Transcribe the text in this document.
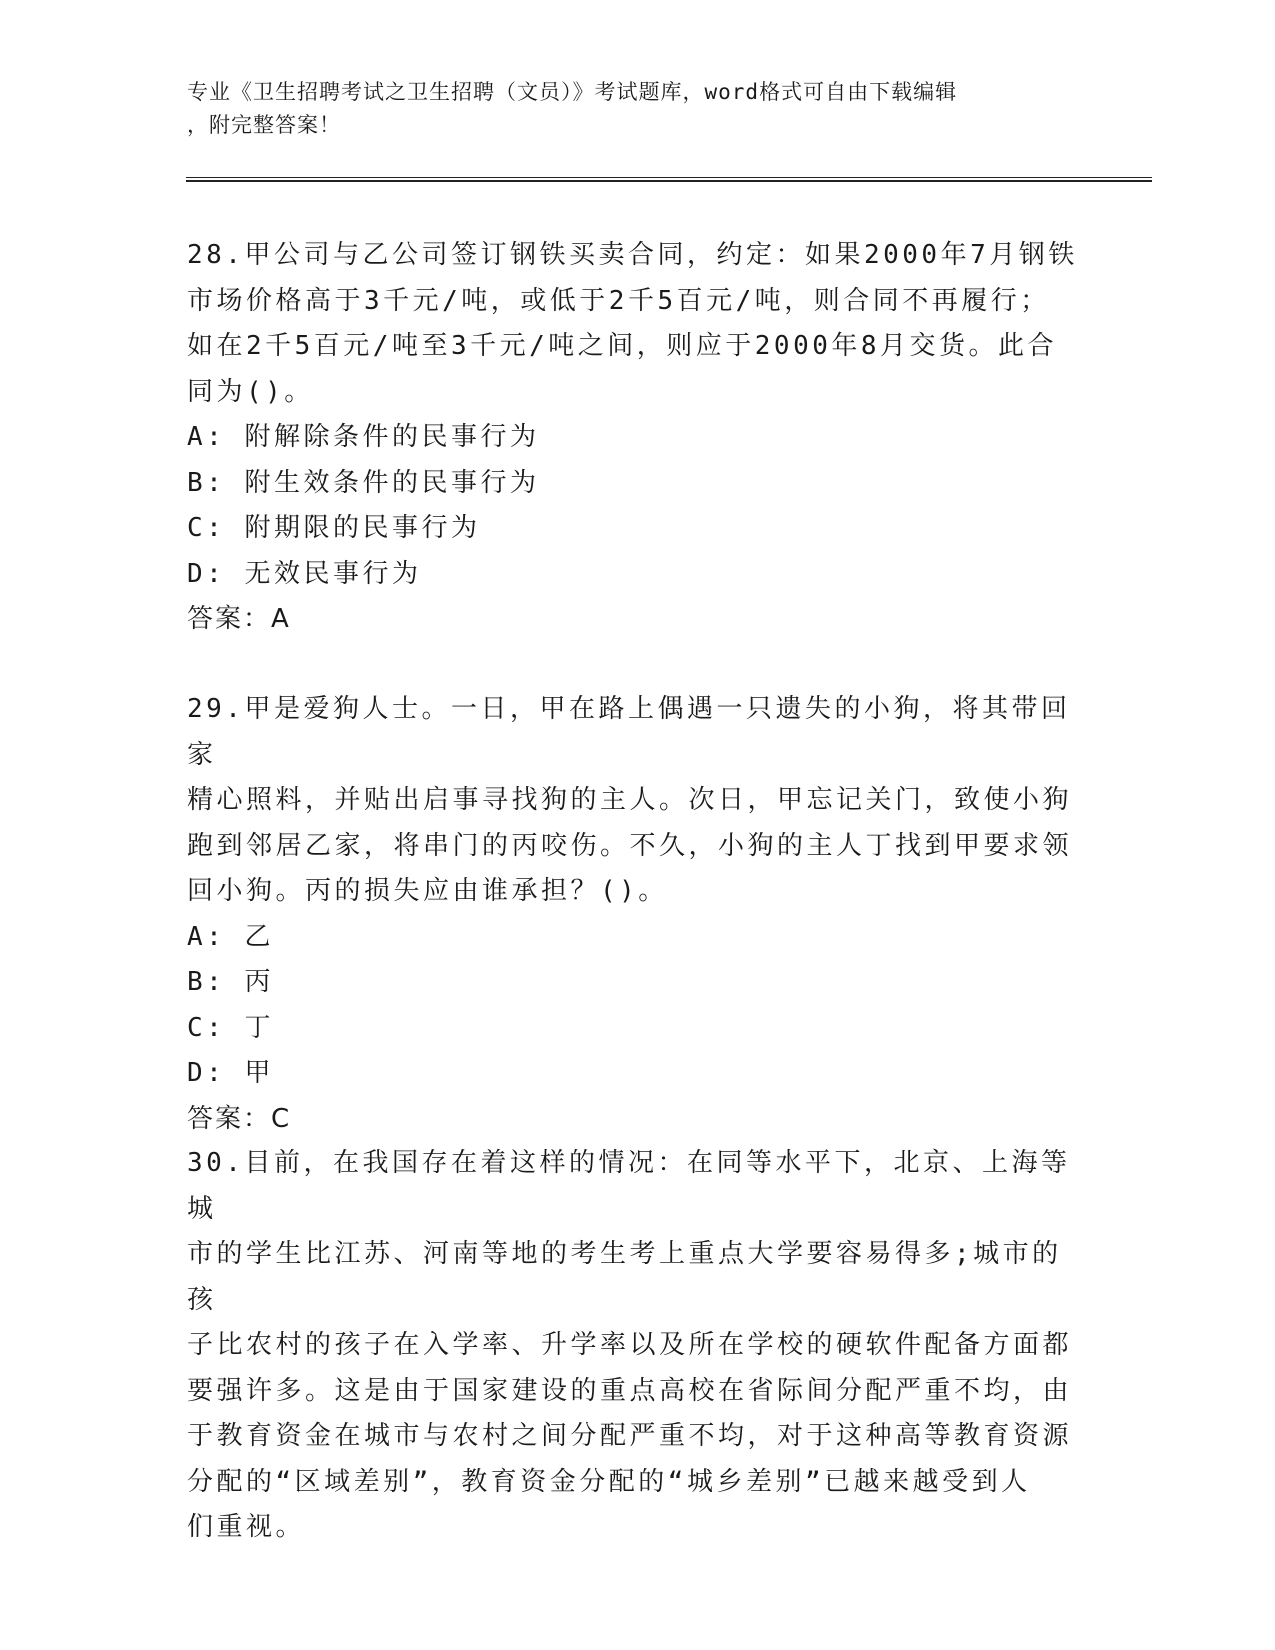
专业《卫生招聘考试之卫生招聘（文员）》考试题库，word格式可自由下载编辑
，附完整答案！
28.甲公司与乙公司签订钢铁买卖合同，约定：如果2000年7月钢铁
市场价格高于3千元/吨，或低于2千5百元/吨，则合同不再履行；
如在2千5百元/吨至3千元/吨之间，则应于2000年8月交货。此合
同为()。
A: 附解除条件的民事行为
B: 附生效条件的民事行为
C: 附期限的民事行为
D: 无效民事行为
答案：A
29.甲是爱狗人士。一日，甲在路上偶遇一只遗失的小狗，将其带回家
精心照料，并贴出启事寻找狗的主人。次日，甲忘记关门，致使小狗
跑到邻居乙家，将串门的丙咬伤。不久，小狗的主人丁找到甲要求领
回小狗。丙的损失应由谁承担？()。
A: 乙
B: 丙
C: 丁
D: 甲
答案：C
30.目前，在我国存在着这样的情况：在同等水平下，北京、上海等城
市的学生比江苏、河南等地的考生考上重点大学要容易得多;城市的孩
子比农村的孩子在入学率、升学率以及所在学校的硬软件配备方面都
要强许多。这是由于国家建设的重点高校在省际间分配严重不均，由
于教育资金在城市与农村之间分配严重不均，对于这种高等教育资源
分配的“区域差别”，教育资金分配的“城乡差别”已越来越受到人
们重视。
